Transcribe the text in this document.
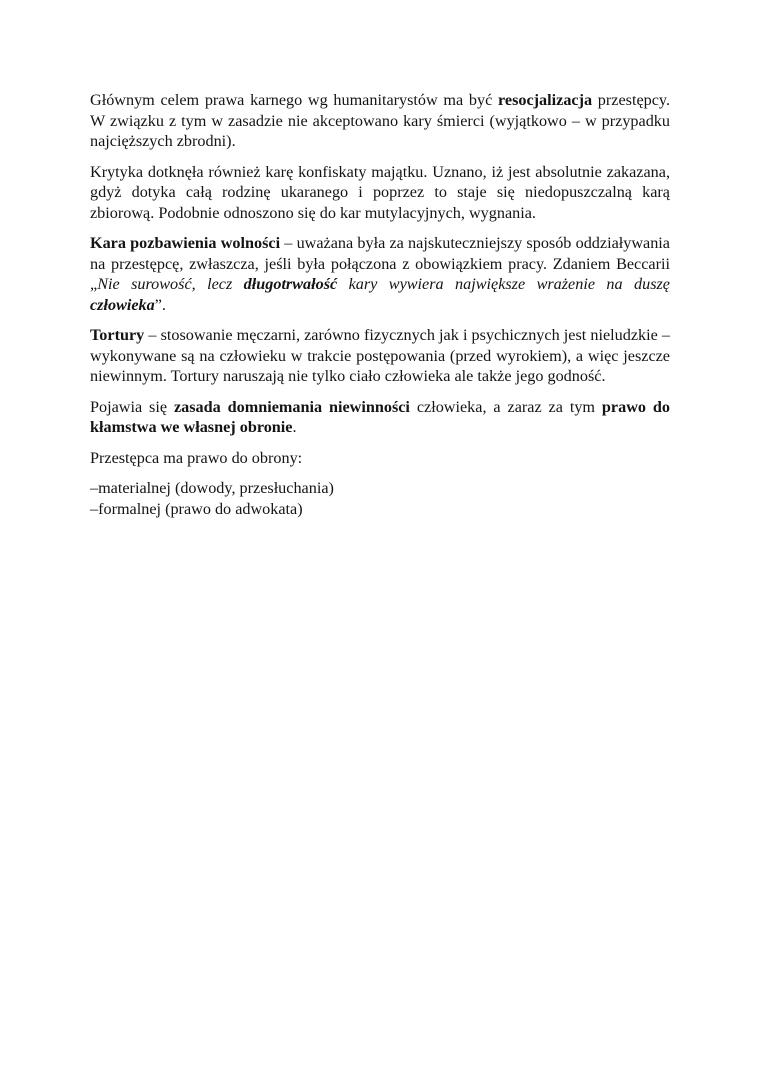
Głównym celem prawa karnego wg humanitarystów ma być resocjalizacja przestępcy. W związku z tym w zasadzie nie akceptowano kary śmierci (wyjątkowo – w przypadku najcięższych zbrodni).

Krytyka dotknęła również karę konfiskaty majątku. Uznano, iż jest absolutnie zakazana, gdyż dotyka całą rodzinę ukaranego i poprzez to staje się niedopuszczalną karą zbiorową. Podobnie odnoszono się do kar mutylacyjnych, wygnania.

Kara pozbawienia wolności – uważana była za najskuteczniejszy sposób oddziaływania na przestępcę, zwłaszcza, jeśli była połączona z obowiązkiem pracy. Zdaniem Beccarii „Nie surowość, lecz długotrwałość kary wywiera największe wrażenie na duszę człowieka”.

Tortury – stosowanie męczarni, zarówno fizycznych jak i psychicznych jest nieludzkie – wykonywane są na człowieku w trakcie postępowania (przed wyrokiem), a więc jeszcze niewinnym. Tortury naruszają nie tylko ciało człowieka ale także jego godność.

Pojawia się zasada domniemania niewinności człowieka, a zaraz za tym prawo do kłamstwa we własnej obronie.

Przestępca ma prawo do obrony:

–materialnej (dowody, przesłuchania)
–formalnej (prawo do adwokata)
